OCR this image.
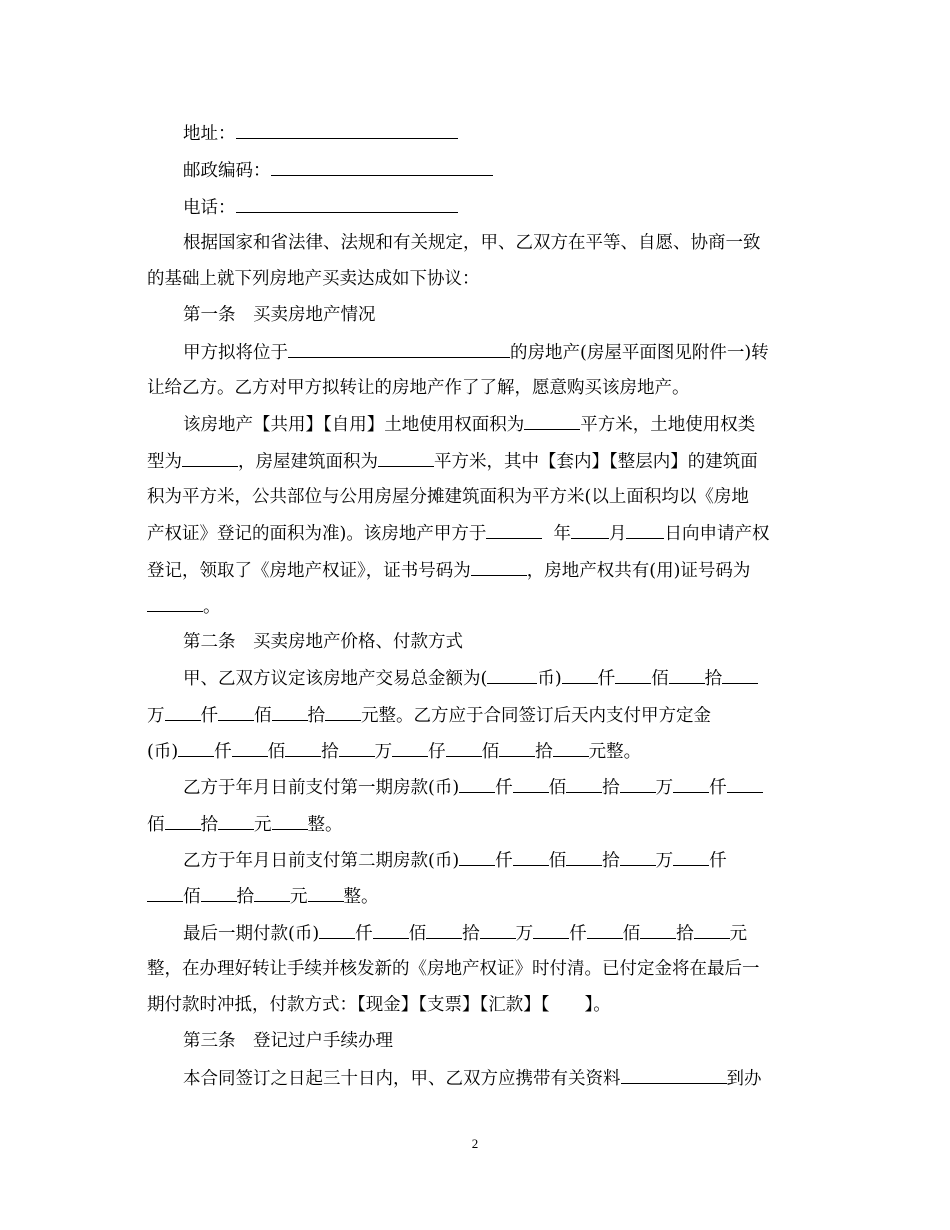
地址：
邮政编码：
电话：
根据国家和省法律、法规和有关规定，甲、乙双方在平等、自愿、协商一致
的基础上就下列房地产买卖达成如下协议：
第一条　买卖房地产情况
甲方拟将位于	的房地产(房屋平面图见附件一)转
让给乙方。乙方对甲方拟转让的房地产作了了解，愿意购买该房地产。
该房地产【共用】【自用】土地使用权面积为	平方米，土地使用权类
型为	，房屋建筑面积为	平方米，其中【套内】【整层内】的建筑面
积为平方米，公共部位与公用房屋分摊建筑面积为平方米(以上面积均以《房地
产权证》登记的面积为准)。该房地产甲方于	年 月 日向申请产权
登记，领取了《房地产权证》，证书号码为	，房地产权共有(用)证号码为
。
第二条　买卖房地产价格、付款方式
甲、乙双方议定该房地产交易总金额为(	币) 仟 佰 拾
万 仟 佰 拾 元整。乙方应于合同签订后天内支付甲方定金
(币) 仟 佰 拾 万 仔 佰 拾 元整。
乙方于年月日前支付第一期房款(币) 仟 佰 拾 万 仟
佰 拾 元 整。
乙方于年月日前支付第二期房款(币) 仟 佰 拾 万 仟
佰 拾 元 整。
最后一期付款(币) 仟 佰 拾 万 仟 佰 拾 元
整，在办理好转让手续并核发新的《房地产权证》时付清。已付定金将在最后一
期付款时冲抵，付款方式：【现金】【支票】【汇款】【　　】。
第三条　登记过户手续办理
本合同签订之日起三十日内，甲、乙双方应携带有关资料	到办
2
